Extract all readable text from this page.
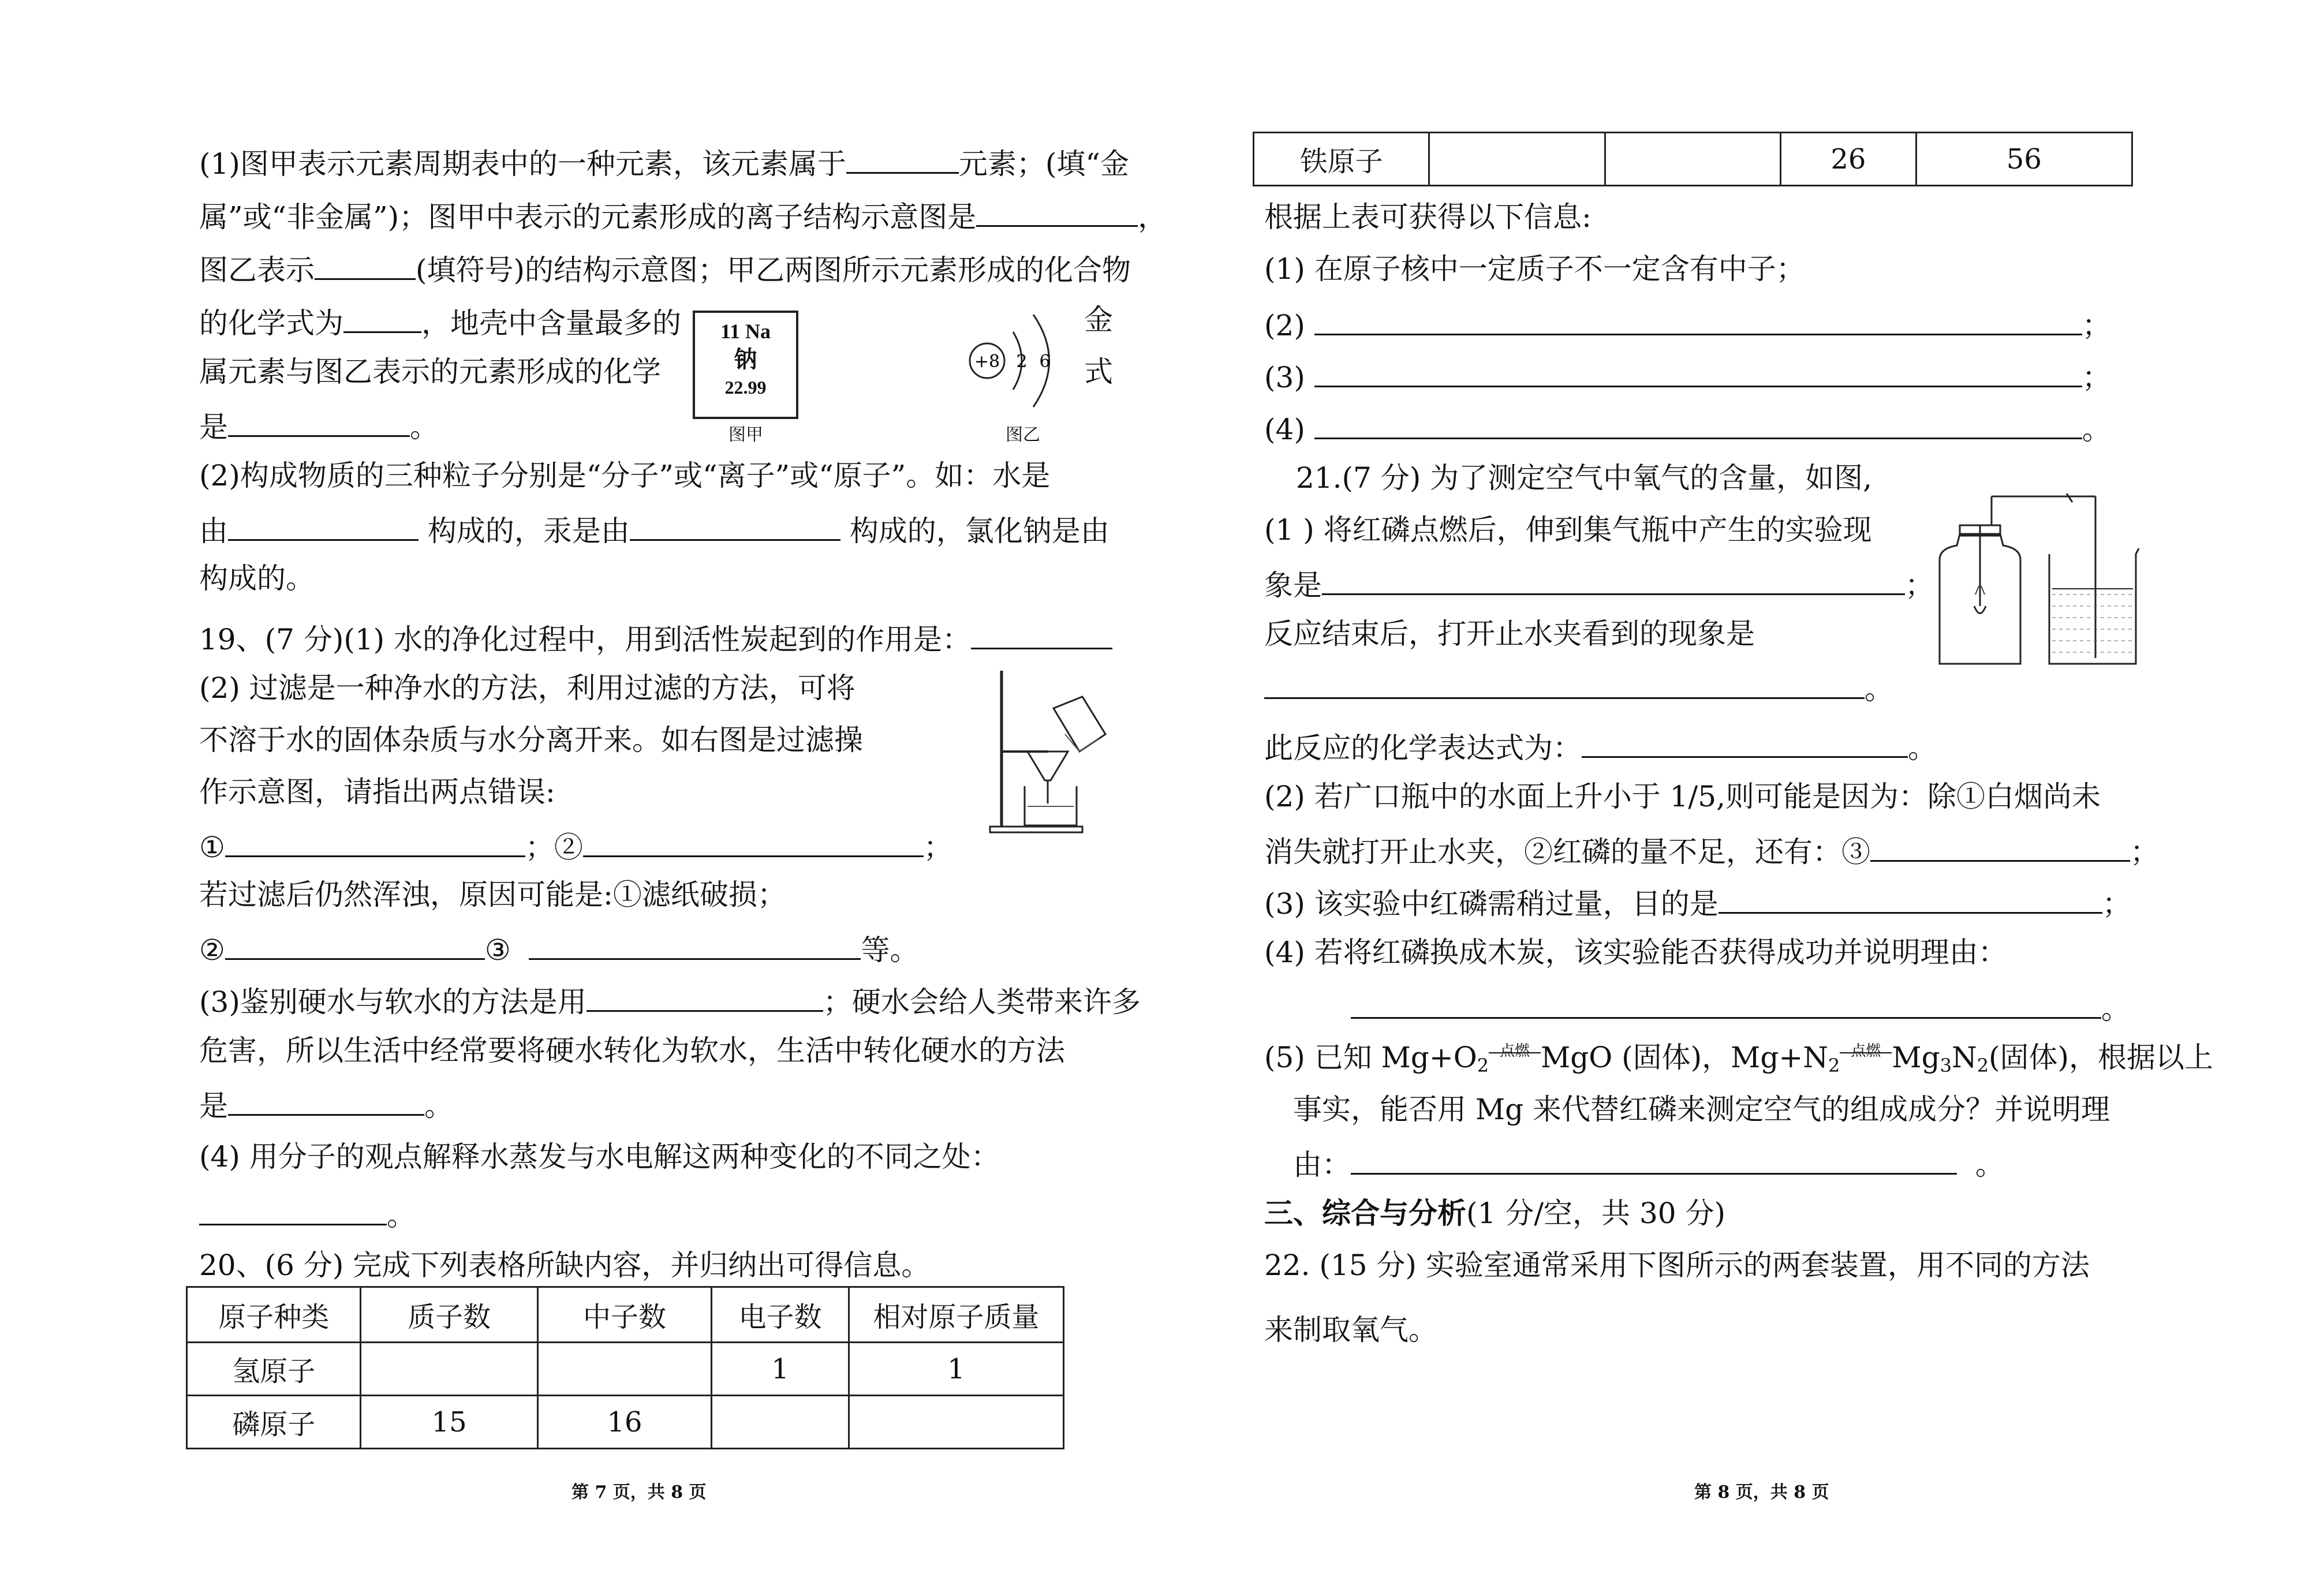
(1)图甲表示元素周期表中的一种元素，该元素属于	元素；(填“金
属”或“非金属”)；图甲中表示的元素形成的离子结构示意图是	，
图乙表示	(填符号)的结构示意图；甲乙两图所示元素形成的化合物
的化学式为	，地壳中含量最多的	金
属元素与图乙表示的元素形成的化学	式
是	。
11 Na
钠
22.99
图甲
+8 2 6
图乙
(2)构成物质的三种粒子分别是“分子”或“离子”或“原子”。如：水是
由	构成的，汞是由	构成的，氯化钠是由
构成的。
19、(7 分)(1) 水的净化过程中，用到活性炭起到的作用是：
(2) 过滤是一种净水的方法，利用过滤的方法，可将
不溶于水的固体杂质与水分离开来。如右图是过滤操
作示意图，请指出两点错误:
①	；②	；
若过滤后仍然浑浊，原因可能是:①滤纸破损；
②	③	等。
(3)鉴别硬水与软水的方法是用	；硬水会给人类带来许多
危害，所以生活中经常要将硬水转化为软水，生活中转化硬水的方法
是	。
(4) 用分子的观点解释水蒸发与水电解这两种变化的不同之处：
。
20、(6 分) 完成下列表格所缺内容，并归纳出可得信息。
原子种类	质子数	中子数	电子数	相对原子质量
氢原子			1	1
磷原子	15	16		
第 7 页，共 8 页
铁原子			26	56
根据上表可获得以下信息:
(1) 在原子核中一定质子不一定含有中子；
(2)	；
(3)	；
(4)	。
21.(7 分) 为了测定空气中氧气的含量，如图,
(1 ) 将红磷点燃后，伸到集气瓶中产生的实验现
象是	；
反应结束后，打开止水夹看到的现象是
。
此反应的化学表达式为：	。
(2) 若广口瓶中的水面上升小于 1/5,则可能是因为：除①白烟尚未
消失就打开止水夹，②红磷的量不足，还有：③	；
(3) 该实验中红磷需稍过量，目的是	；
(4) 若将红磷换成木炭，该实验能否获得成功并说明理由：
。
(5) 已知 $Mg+O_2$
点燃 MgO (固体)，$Mg+N_2$
点燃 $Mg_3N_2$(固体)，根据以上
事实，能否用 Mg 来代替红磷来测定空气的组成成分？并说明理
由：	。
三、综合与分析(1 分/空，共 30 分)
22. (15 分) 实验室通常采用下图所示的两套装置，用不同的方法
来制取氧气。
第 8 页，共 8 页
